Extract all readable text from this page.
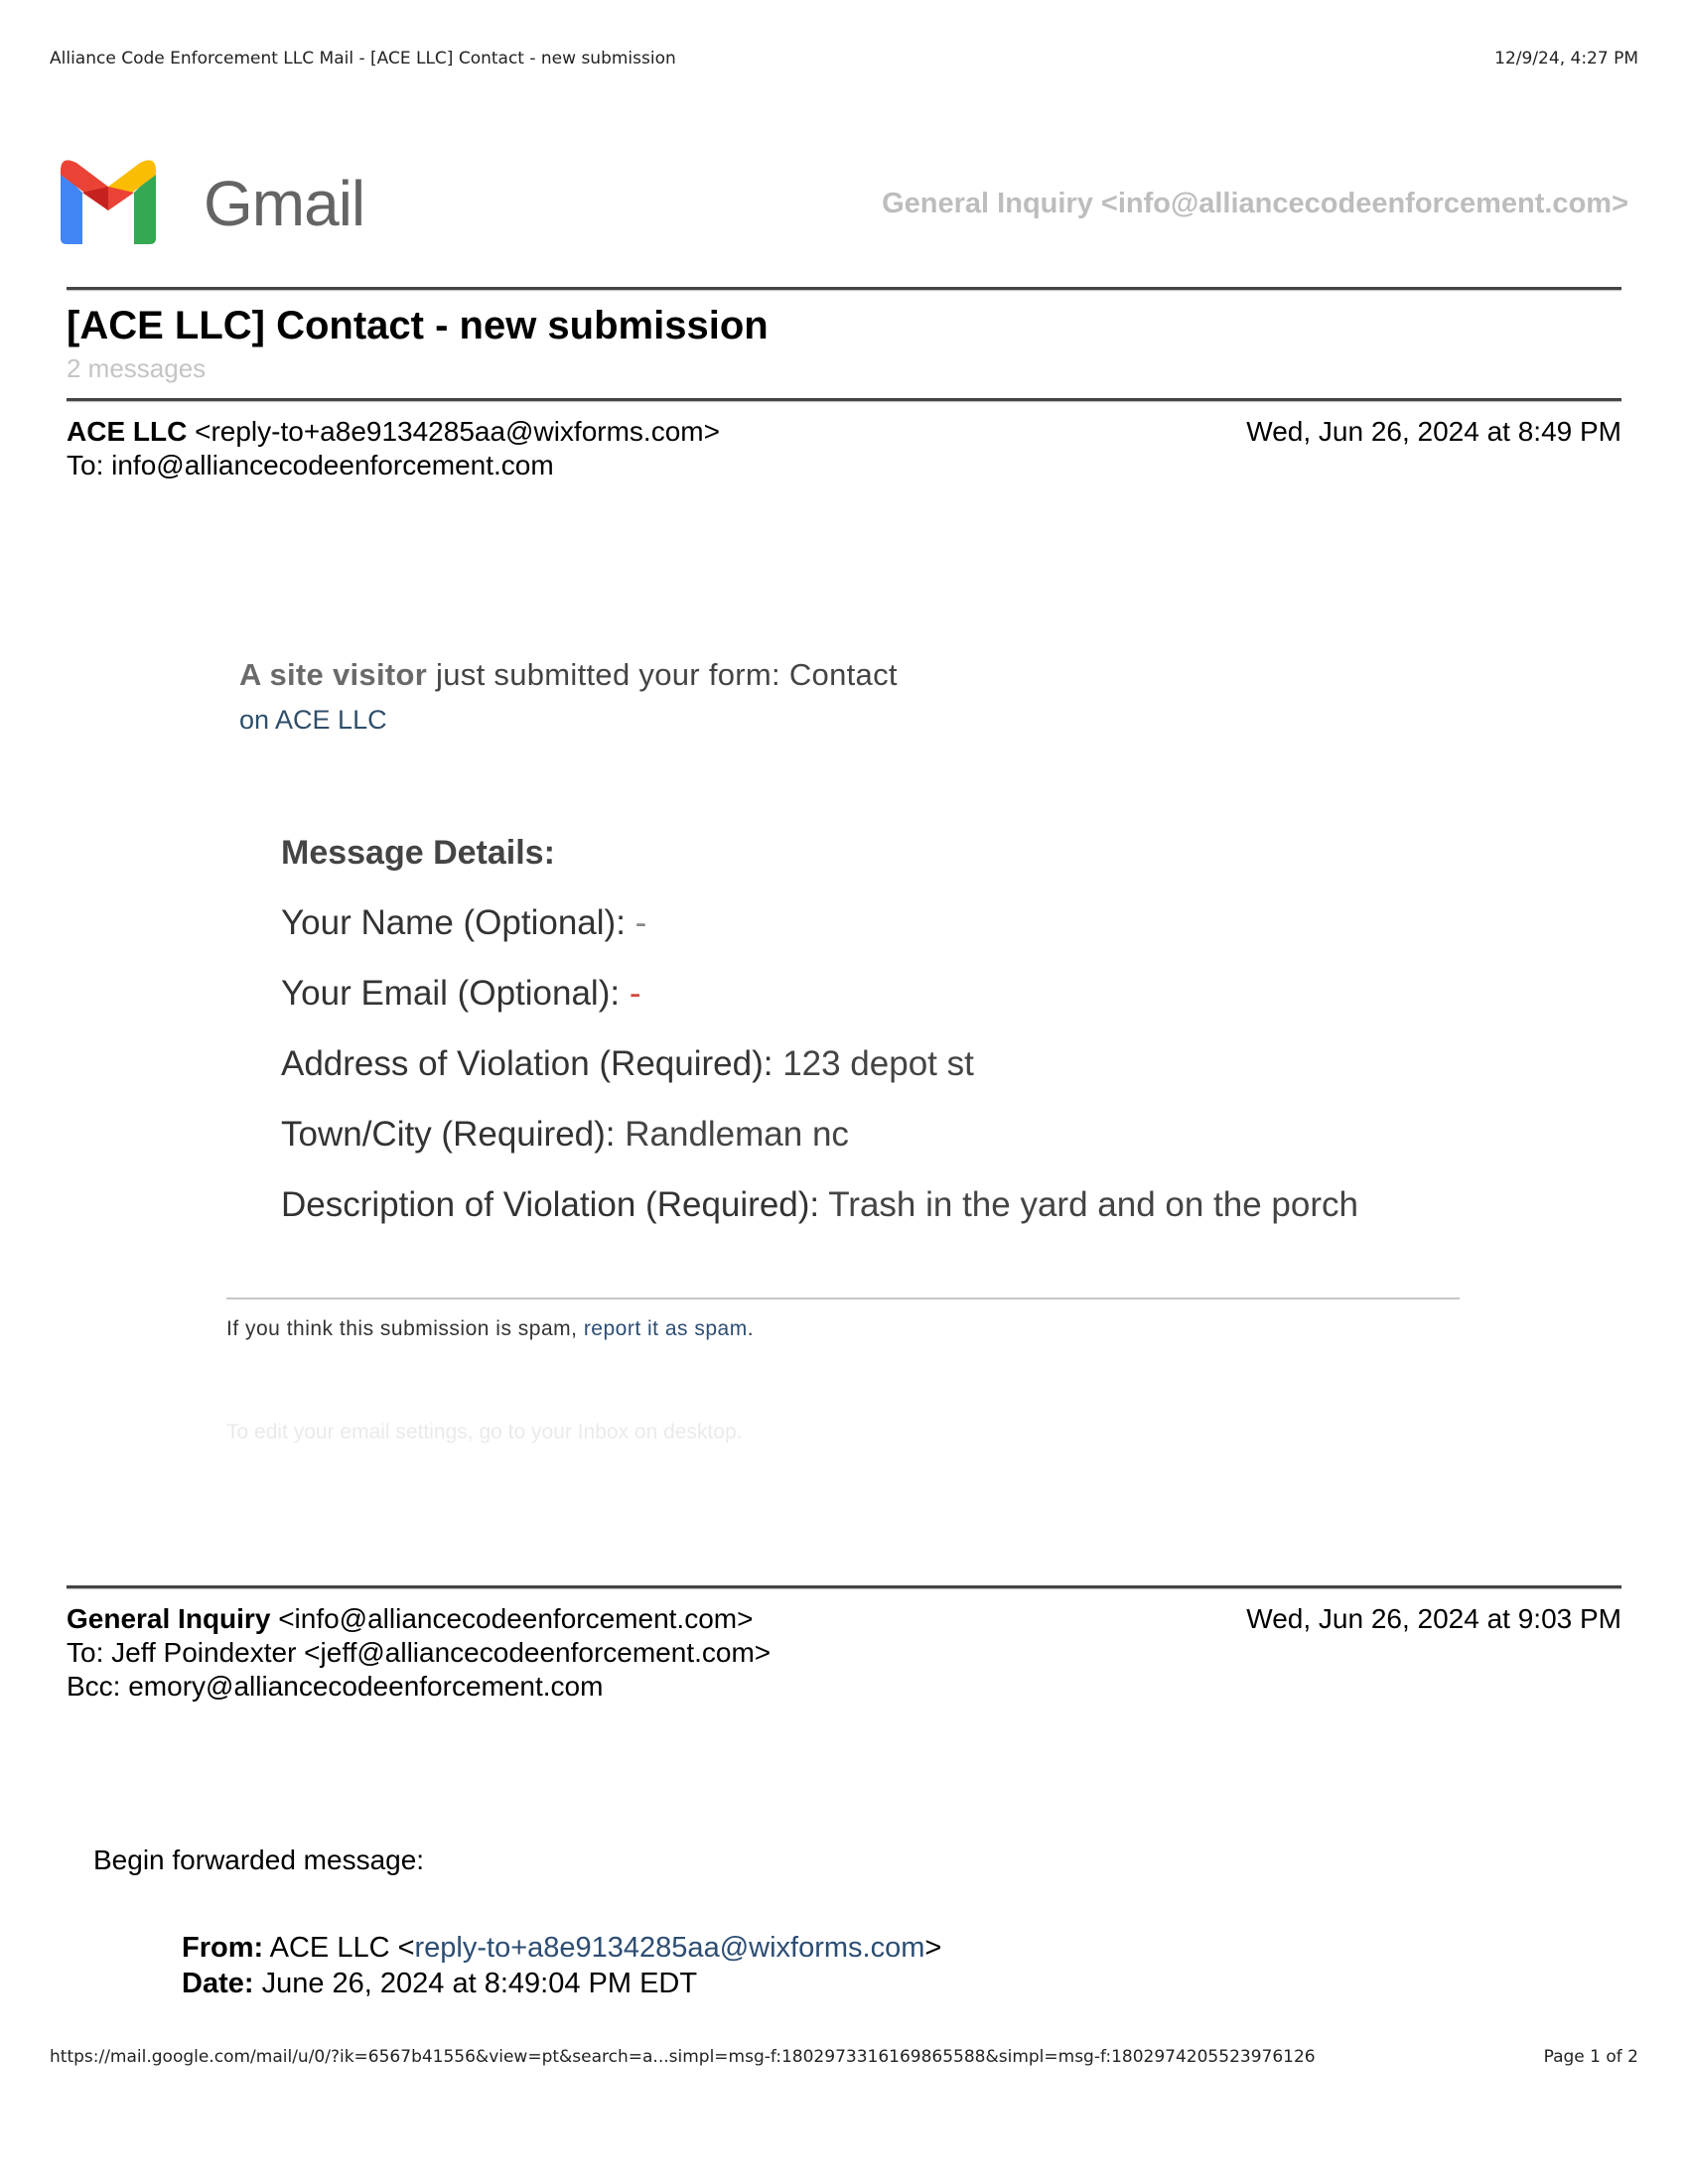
Alliance Code Enforcement LLC Mail - [ACE LLC] Contact - new submission	12/9/24, 4:27 PM
Gmail	General Inquiry <info@alliancecodeenforcement.com>
[ACE LLC] Contact - new submission
2 messages
ACE LLC <reply-to+a8e9134285aa@wixforms.com>	Wed, Jun 26, 2024 at 8:49 PM
To: info@alliancecodeenforcement.com
A site visitor just submitted your form: Contact
on ACE LLC
Message Details:
Your Name (Optional): -
Your Email (Optional): -
Address of Violation (Required): 123 depot st
Town/City (Required): Randleman nc
Description of Violation (Required): Trash in the yard and on the porch
If you think this submission is spam, report it as spam.
To edit your email settings, go to your Inbox on desktop.
General Inquiry <info@alliancecodeenforcement.com>	Wed, Jun 26, 2024 at 9:03 PM
To: Jeff Poindexter <jeff@alliancecodeenforcement.com>
Bcc: emory@alliancecodeenforcement.com
Begin forwarded message:
From: ACE LLC <reply-to+a8e9134285aa@wixforms.com>
Date: June 26, 2024 at 8:49:04 PM EDT
https://mail.google.com/mail/u/0/?ik=6567b41556&view=pt&search=a...simpl=msg-f:1802973316169865588&simpl=msg-f:1802974205523976126	Page 1 of 2
